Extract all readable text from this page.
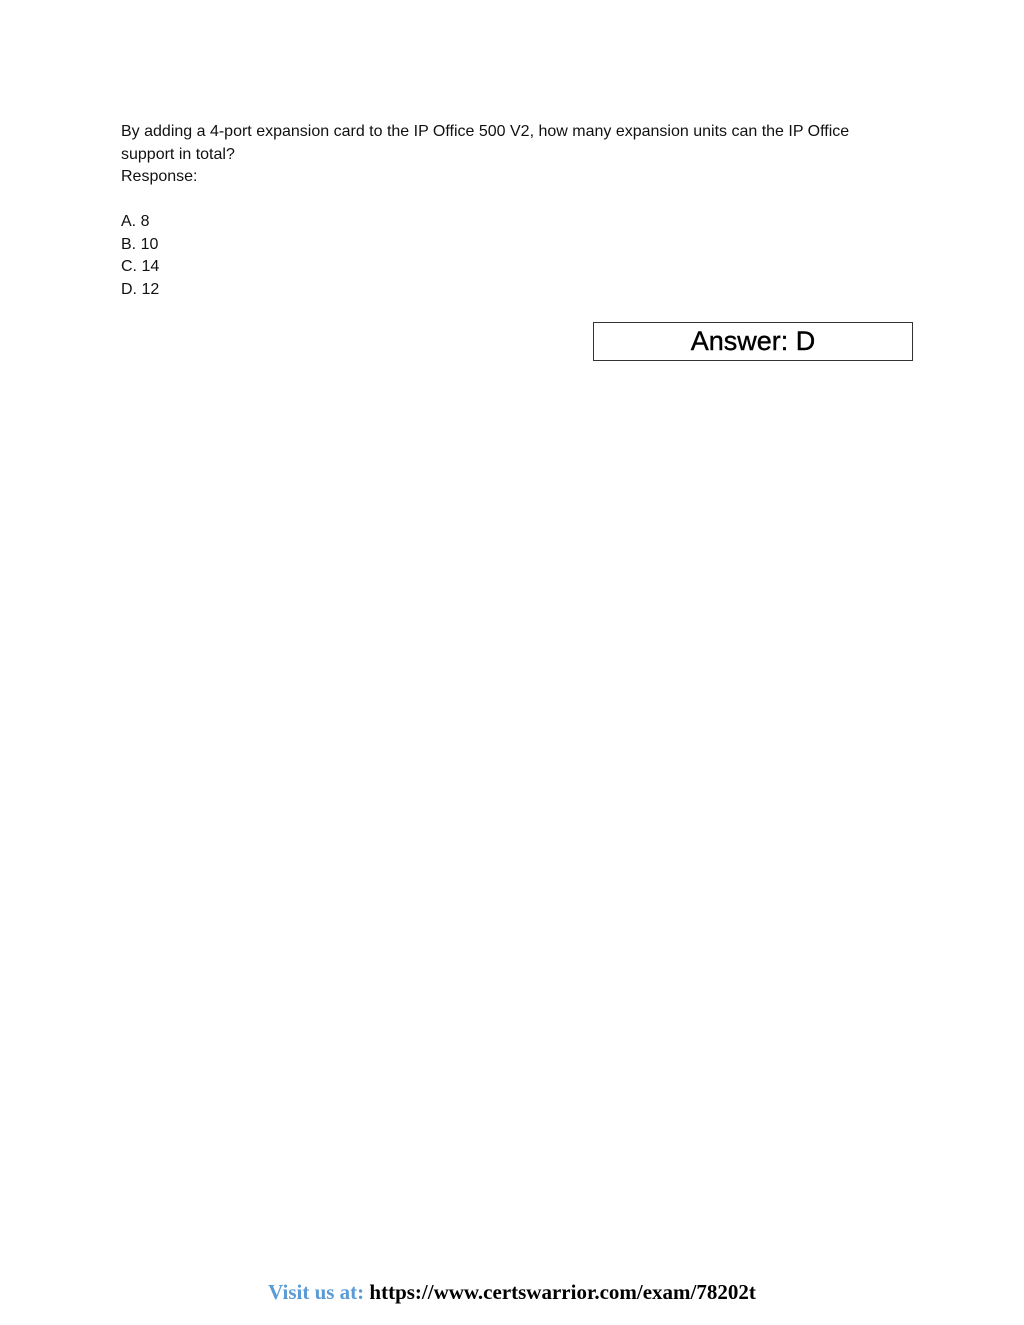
By adding a 4-port expansion card to the IP Office 500 V2, how many expansion units can the IP Office

support in total?

Response:

A. 8
B. 10
C. 14
D. 12
Answer: D
Visit us at: https://www.certswarrior.com/exam/78202t
